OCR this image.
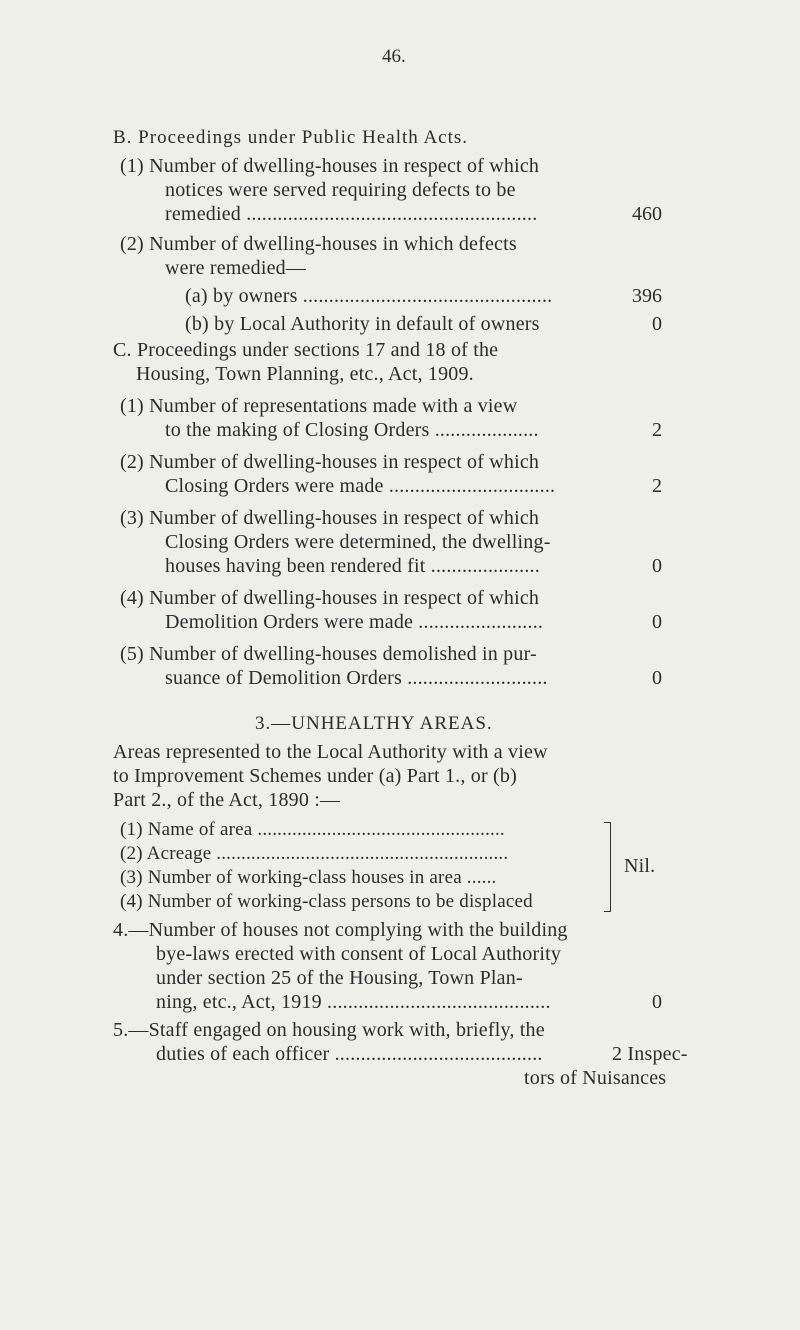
46.
B. Proceedings under Public Health Acts.
(1) Number of dwelling-houses in respect of which
notices were served requiring defects to be
remedied ........................................................	460
(2) Number of dwelling-houses in which defects
were remedied—
(a) by owners ................................................	396
(b) by Local Authority in default of owners	0
C. Proceedings under sections 17 and 18 of the
Housing, Town Planning, etc., Act, 1909.
(1) Number of representations made with a view
to the making of Closing Orders ....................	2
(2) Number of dwelling-houses in respect of which
Closing Orders were made ................................	2
(3) Number of dwelling-houses in respect of which
Closing Orders were determined, the dwelling-
houses having been rendered fit .....................	0
(4) Number of dwelling-houses in respect of which
Demolition Orders were made ........................	0
(5) Number of dwelling-houses demolished in pur-
suance of Demolition Orders ...........................	0
3.—UNHEALTHY AREAS.
Areas represented to the Local Authority with a view
to Improvement Schemes under (a) Part 1., or (b)
Part 2., of the Act, 1890 :—
(1) Name of area ..................................................
(2) Acreage ...........................................................
(3) Number of working-class houses in area ......
(4) Number of working-class persons to be displaced
Nil.
4.—Number of houses not complying with the building
bye-laws erected with consent of Local Authority
under section 25 of the Housing, Town Plan-
ning, etc., Act, 1919 ...........................................	0
5.—Staff engaged on housing work with, briefly, the
duties of each officer ........................................	2 Inspec-
tors of Nuisances
